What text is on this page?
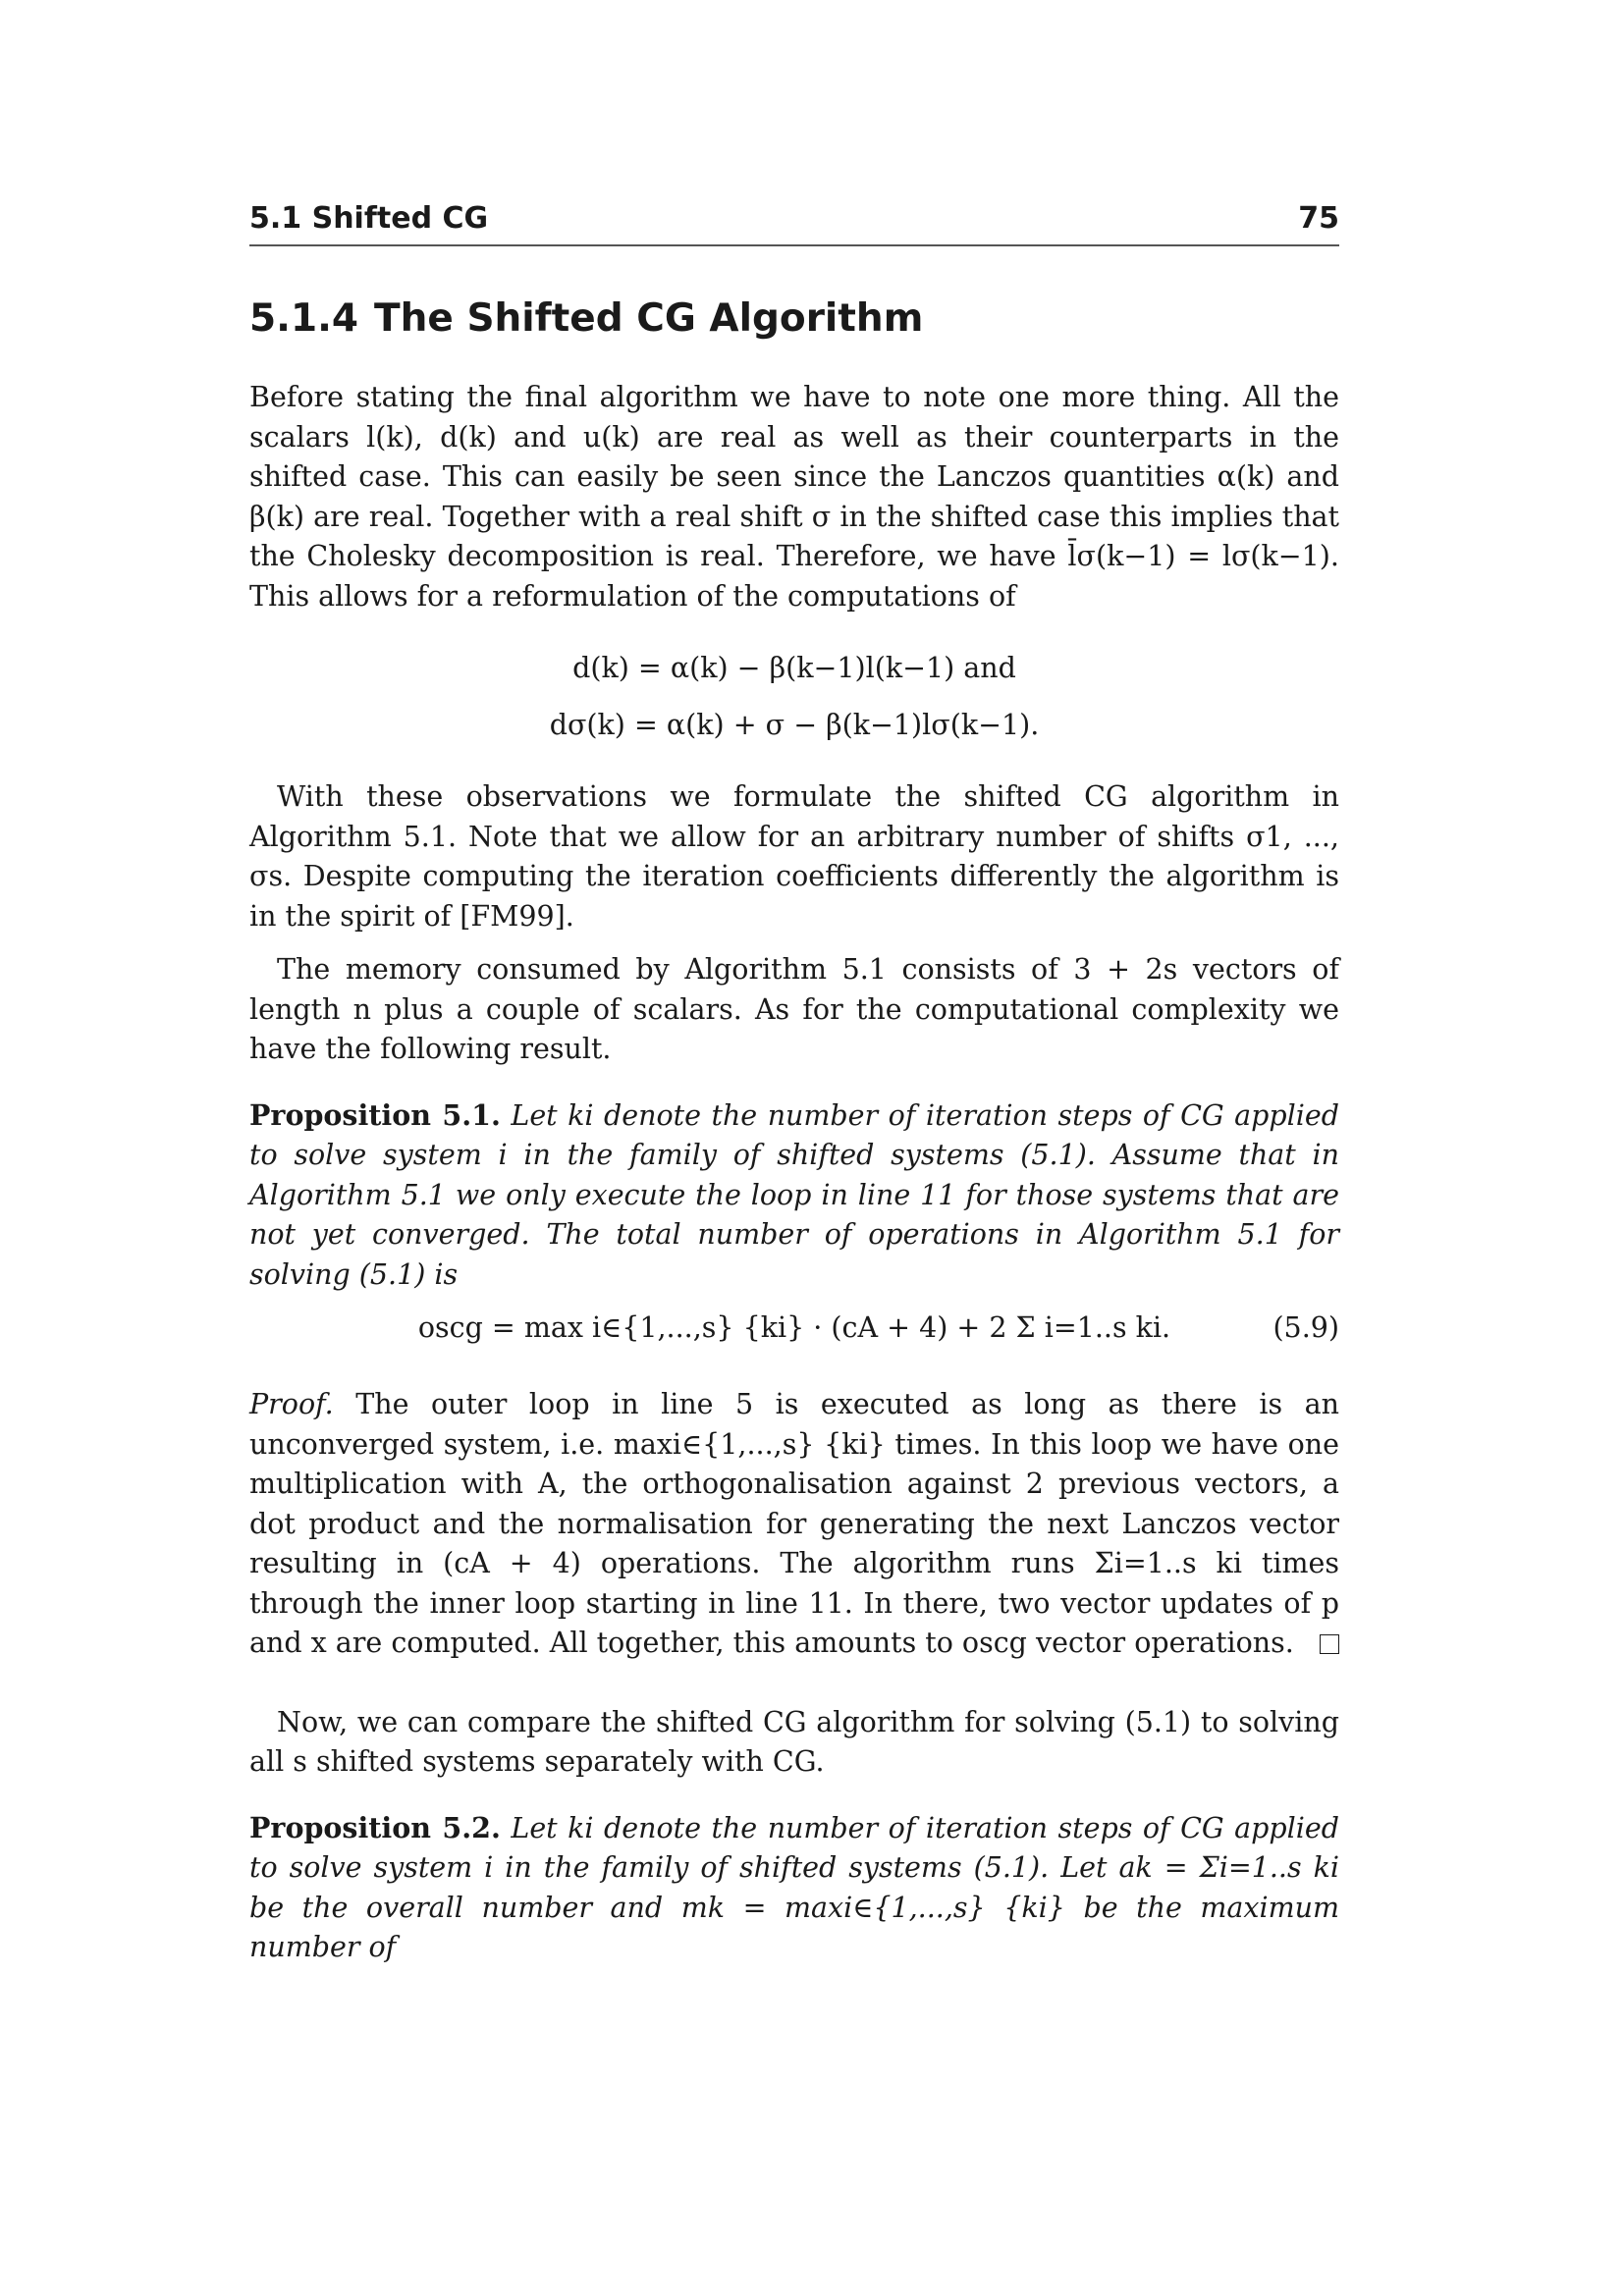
5.1 Shifted CG	75
5.1.4 The Shifted CG Algorithm

Before stating the final algorithm we have to note one more thing. All the scalars l(k), d(k) and u(k) are real as well as their counterparts in the shifted case. This can easily be seen since the Lanczos quantities α(k) and β(k) are real. Together with a real shift σ in the shifted case this implies that the Cholesky decomposition is real. Therefore, we have l̄σ(k−1) = lσ(k−1). This allows for a reformulation of the computations of

d(k) = α(k) − β(k−1)l(k−1) and
dσ(k) = α(k) + σ − β(k−1)lσ(k−1).

With these observations we formulate the shifted CG algorithm in Algorithm 5.1. Note that we allow for an arbitrary number of shifts σ1, ..., σs. Despite computing the iteration coefficients differently the algorithm is in the spirit of [FM99].

The memory consumed by Algorithm 5.1 consists of 3 + 2s vectors of length n plus a couple of scalars. As for the computational complexity we have the following result.

Proposition 5.1. Let ki denote the number of iteration steps of CG applied to solve system i in the family of shifted systems (5.1). Assume that in Algorithm 5.1 we only execute the loop in line 11 for those systems that are not yet converged. The total number of operations in Algorithm 5.1 for solving (5.1) is

oscg = max i∈{1,...,s} {ki} · (cA + 4) + 2 Σ i=1..s ki.	(5.9)

Proof. The outer loop in line 5 is executed as long as there is an unconverged system, i.e. maxi∈{1,...,s} {ki} times. In this loop we have one multiplication with A, the orthogonalisation against 2 previous vectors, a dot product and the normalisation for generating the next Lanczos vector resulting in (cA + 4) operations. The algorithm runs Σi=1..s ki times through the inner loop starting in line 11. In there, two vector updates of p and x are computed. All together, this amounts to oscg vector operations.

Now, we can compare the shifted CG algorithm for solving (5.1) to solving all s shifted systems separately with CG.

Proposition 5.2. Let ki denote the number of iteration steps of CG applied to solve system i in the family of shifted systems (5.1). Let ak = Σi=1..s ki be the overall number and mk = maxi∈{1,...,s} {ki} be the maximum number of
